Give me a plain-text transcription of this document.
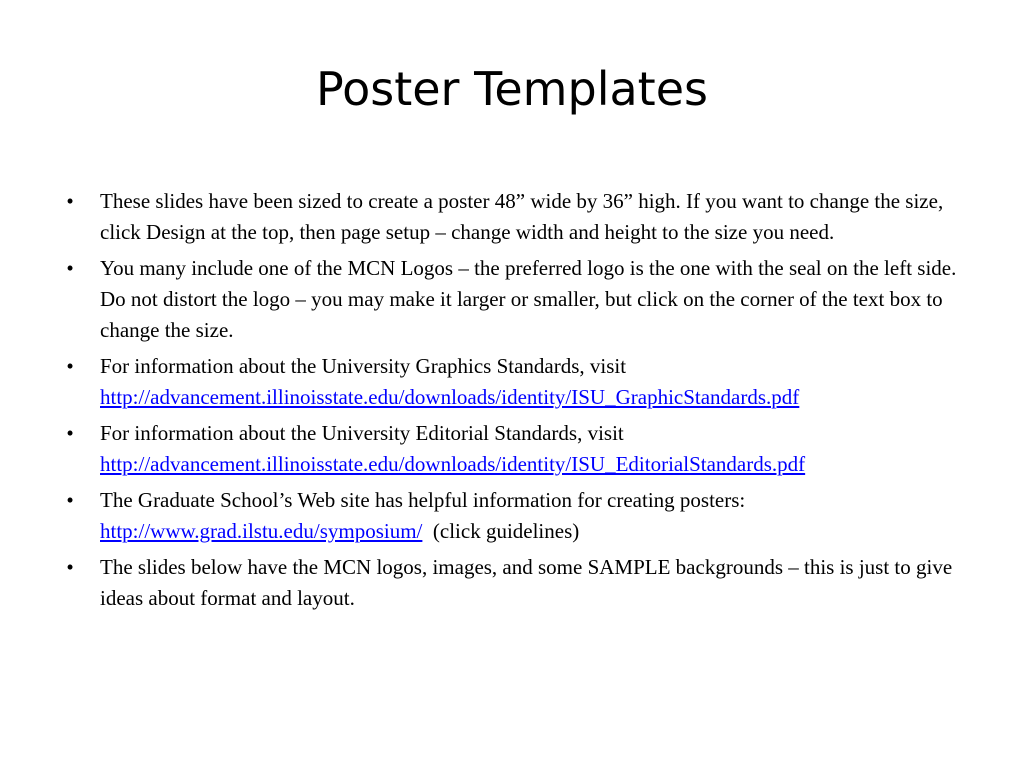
Poster Templates
•	These slides have been sized to create a poster 48” wide by 36” high. If you want to change the size, click Design at the top, then page setup – change width and height to the size you need.
•	You many include one of the MCN Logos – the preferred logo is the one with the seal on the left side. Do not distort the logo – you may make it larger or smaller, but click on the corner of the text box to change the size.
•	For information about the University Graphics Standards, visit
http://advancement.illinoisstate.edu/downloads/identity/ISU_GraphicStandards.pdf
•	For information about the University Editorial Standards, visit
http://advancement.illinoisstate.edu/downloads/identity/ISU_EditorialStandards.pdf
•	The Graduate School’s Web site has helpful information for creating posters:
http://www.grad.ilstu.edu/symposium/  (click guidelines)
•	The slides below have the MCN logos, images, and some SAMPLE backgrounds – this is just to give ideas about format and layout.
